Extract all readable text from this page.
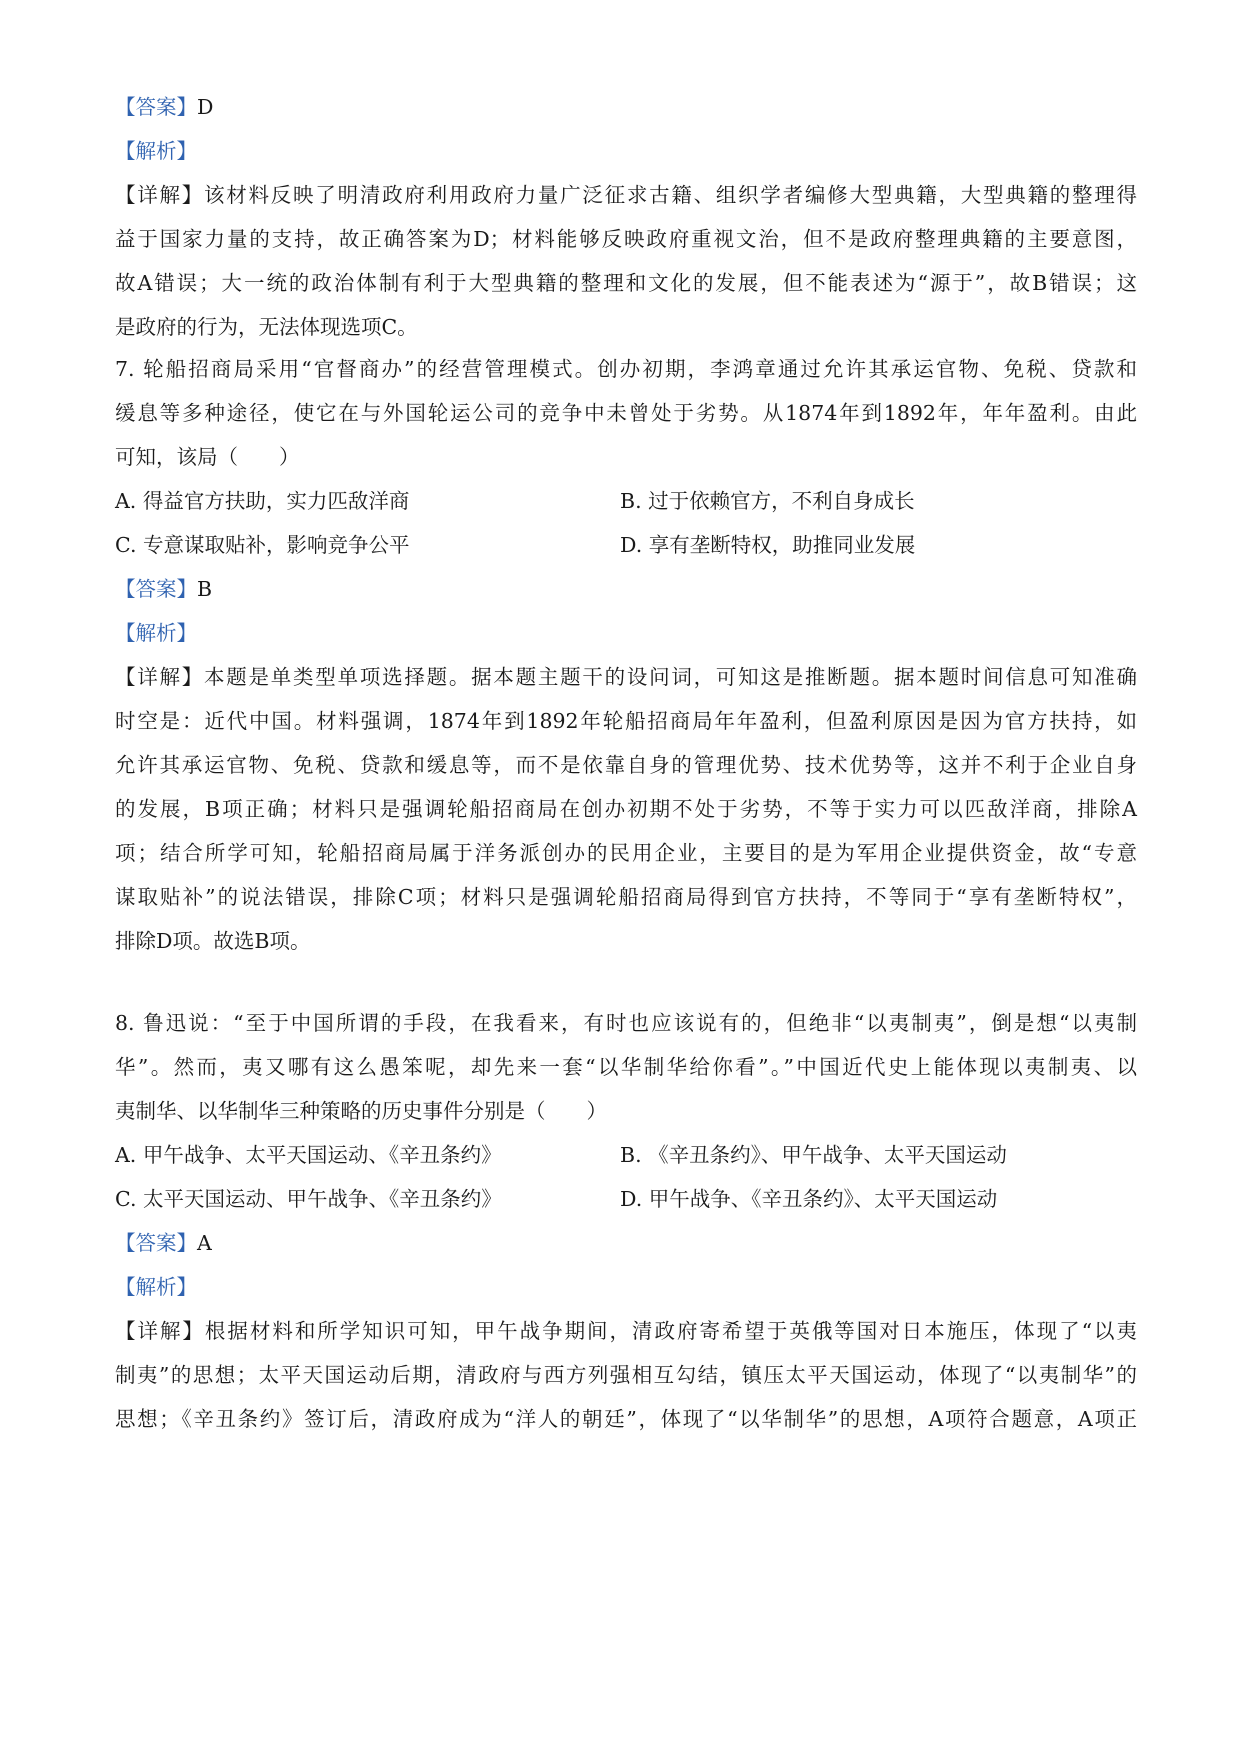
【答案】D
【解析】
【详解】该材料反映了明清政府利用政府力量广泛征求古籍、组织学者编修大型典籍，大型典籍的整理得
益于国家力量的支持，故正确答案为D；材料能够反映政府重视文治，但不是政府整理典籍的主要意图，
故A错误；大一统的政治体制有利于大型典籍的整理和文化的发展，但不能表述为“源于”，故B错误；这
是政府的行为，无法体现选项C。
7. 轮船招商局采用“官督商办”的经营管理模式。创办初期，李鸿章通过允许其承运官物、免税、贷款和
缓息等多种途径，使它在与外国轮运公司的竞争中未曾处于劣势。从1874年到1892年，年年盈利。由此
可知，该局（　　）
A. 得益官方扶助，实力匹敌洋商	B. 过于依赖官方，不利自身成长
C. 专意谋取贴补，影响竞争公平	D. 享有垄断特权，助推同业发展
【答案】B
【解析】
【详解】本题是单类型单项选择题。据本题主题干的设问词，可知这是推断题。据本题时间信息可知准确
时空是：近代中国。材料强调，1874年到1892年轮船招商局年年盈利，但盈利原因是因为官方扶持，如
允许其承运官物、免税、贷款和缓息等，而不是依靠自身的管理优势、技术优势等，这并不利于企业自身
的发展，B项正确；材料只是强调轮船招商局在创办初期不处于劣势，不等于实力可以匹敌洋商，排除A
项；结合所学可知，轮船招商局属于洋务派创办的民用企业，主要目的是为军用企业提供资金，故“专意
谋取贴补”的说法错误，排除C项；材料只是强调轮船招商局得到官方扶持，不等同于“享有垄断特权”，
排除D项。故选B项。
8. 鲁迅说：“至于中国所谓的手段，在我看来，有时也应该说有的，但绝非“以夷制夷”，倒是想“以夷制
华”。然而，夷又哪有这么愚笨呢，却先来一套“以华制华给你看”。”中国近代史上能体现以夷制夷、以
夷制华、以华制华三种策略的历史事件分别是（　　）
A. 甲午战争、太平天国运动、《辛丑条约》	B. 《辛丑条约》、甲午战争、太平天国运动
C. 太平天国运动、甲午战争、《辛丑条约》	D. 甲午战争、《辛丑条约》、太平天国运动
【答案】A
【解析】
【详解】根据材料和所学知识可知，甲午战争期间，清政府寄希望于英俄等国对日本施压，体现了“以夷
制夷”的思想；太平天国运动后期，清政府与西方列强相互勾结，镇压太平天国运动，体现了“以夷制华”的
思想；《辛丑条约》签订后，清政府成为“洋人的朝廷”，体现了“以华制华”的思想，A项符合题意，A项正
